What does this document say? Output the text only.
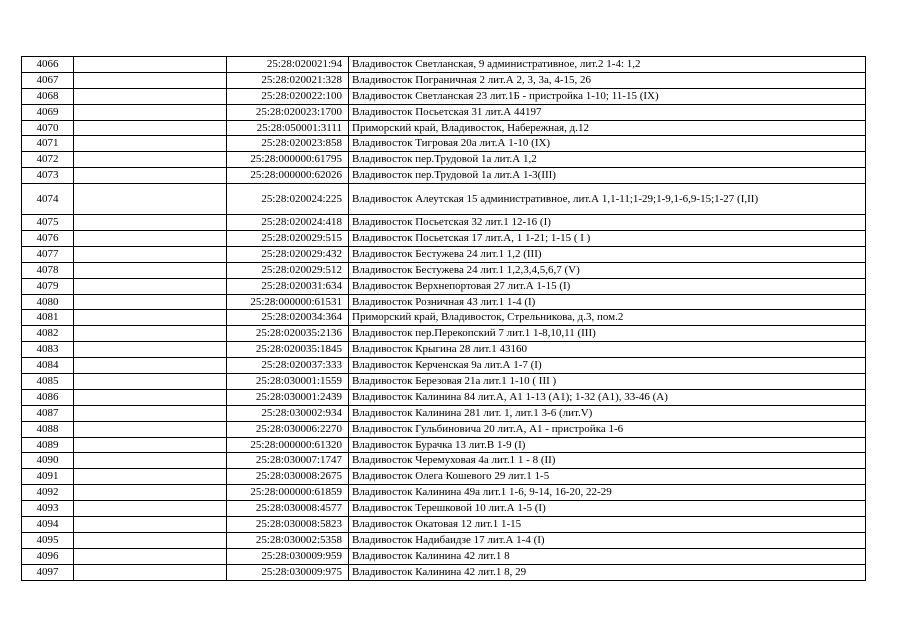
4066		25:28:020021:94	Владивосток Светланская, 9 административное, лит.2 1-4: 1,2
4067		25:28:020021:328	Владивосток Пограничная 2 лит.А 2, 3, 3а, 4-15, 26
4068		25:28:020022:100	Владивосток Светланская 23 лит.1Б - пристройка 1-10; 11-15 (IX)
4069		25:28:020023:1700	Владивосток Посьетская 31 лит.А 44197
4070		25:28:050001:3111	Приморский край, Владивосток, Набережная, д.12
4071		25:28:020023:858	Владивосток Тигровая 20а лит.А 1-10 (IX)
4072		25:28:000000:61795	Владивосток пер.Трудовой 1а лит.А 1,2
4073		25:28:000000:62026	Владивосток пер.Трудовой 1а лит.А 1-3(III)
4074		25:28:020024:225	Владивосток Алеутская 15 административное, лит.А 1,1-11;1-29;1-9,1-6,9-15;1-27 (I,II)
4075		25:28:020024:418	Владивосток Посьетская 32 лит.1 12-16 (I)
4076		25:28:020029:515	Владивосток Посьетская 17 лит.А, 1 1-21; 1-15 ( I )
4077		25:28:020029:432	Владивосток Бестужева 24 лит.1 1,2 (III)
4078		25:28:020029:512	Владивосток Бестужева 24 лит.1 1,2,3,4,5,6,7 (V)
4079		25:28:020031:634	Владивосток Верхнепортовая 27 лит.А 1-15 (I)
4080		25:28:000000:61531	Владивосток Розничная 43 лит.1 1-4 (I)
4081		25:28:020034:364	Приморский край, Владивосток, Стрельникова, д.3, пом.2
4082		25:28:020035:2136	Владивосток пер.Перекопский 7 лит.1 1-8,10,11 (III)
4083		25:28:020035:1845	Владивосток Крыгина 28 лит.1 43160
4084		25:28:020037:333	Владивосток Керченская 9а лит.А 1-7 (I)
4085		25:28:030001:1559	Владивосток Березовая 21а лит.1 1-10 ( III )
4086		25:28:030001:2439	Владивосток Калинина 84 лит.А, А1 1-13 (А1); 1-32 (А1), 33-46 (А)
4087		25:28:030002:934	Владивосток Калинина 281 лит. 1, лит.1 3-6 (лит.V)
4088		25:28:030006:2270	Владивосток Гульбиновича 20 лит.А, А1 - пристройка 1-6
4089		25:28:000000:61320	Владивосток Бурачка 13 лит.В 1-9 (I)
4090		25:28:030007:1747	Владивосток Черемуховая 4а лит.1 1 - 8 (II)
4091		25:28:030008:2675	Владивосток Олега Кошевого 29 лит.1 1-5
4092		25:28:000000:61859	Владивосток Калинина 49а лит.1 1-6, 9-14, 16-20, 22-29
4093		25:28:030008:4577	Владивосток Терешковой 10 лит.А 1-5 (I)
4094		25:28:030008:5823	Владивосток Окатовая 12 лит.1 1-15
4095		25:28:030002:5358	Владивосток Надибаидзе 17 лит.А 1-4 (I)
4096		25:28:030009:959	Владивосток Калинина 42 лит.1 8
4097		25:28:030009:975	Владивосток Калинина 42 лит.1 8, 29
